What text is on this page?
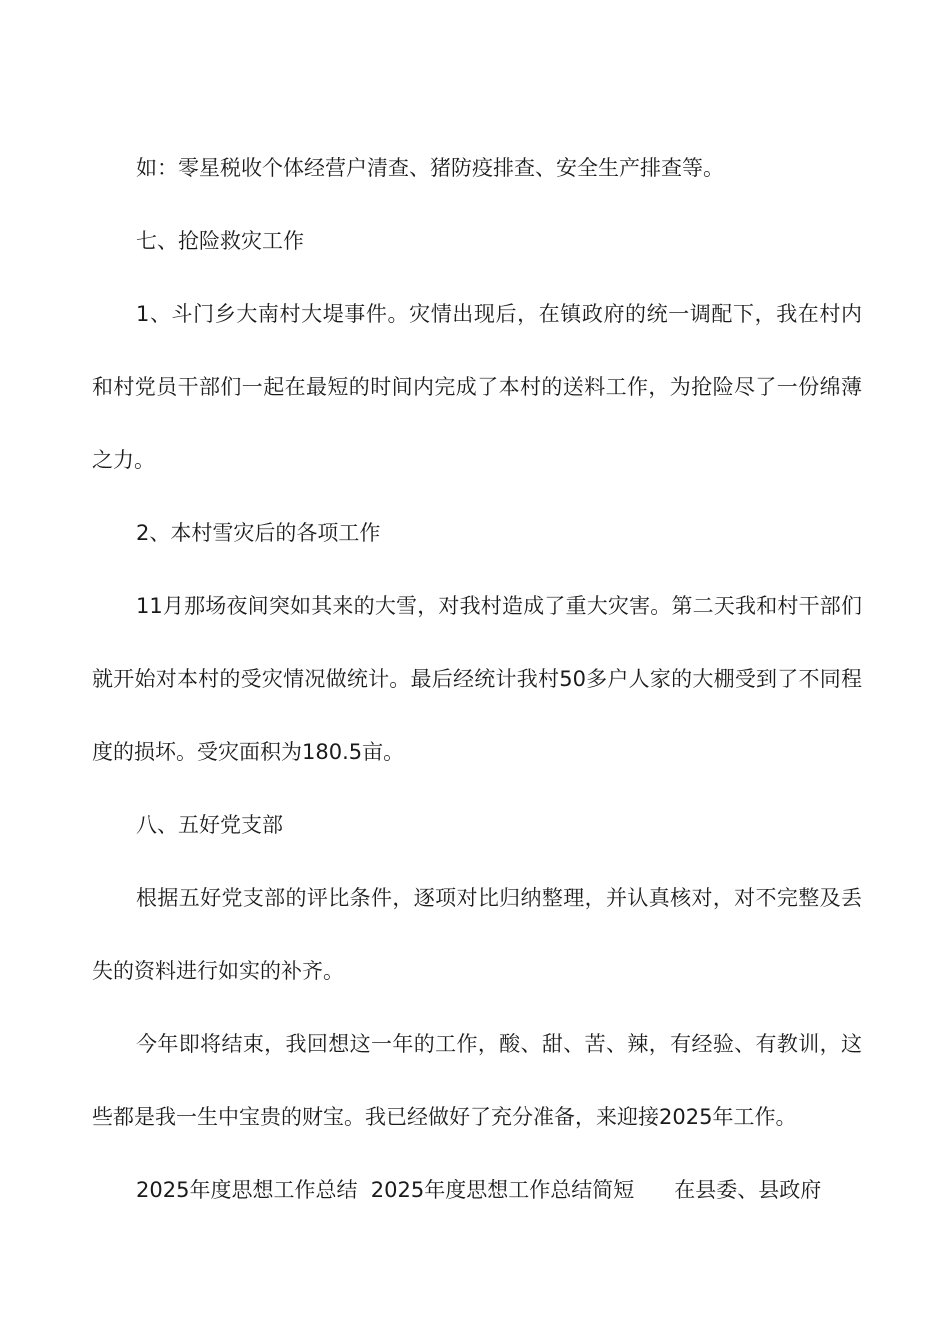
如：零星税收个体经营户清查、猪防疫排查、安全生产排查等。

七、抢险救灾工作

1、斗门乡大南村大堤事件。灾情出现后，在镇政府的统一调配下，我在村内和村党员干部们一起在最短的时间内完成了本村的送料工作，为抢险尽了一份绵薄之力。

2、本村雪灾后的各项工作

11月那场夜间突如其来的大雪，对我村造成了重大灾害。第二天我和村干部们就开始对本村的受灾情况做统计。最后经统计我村50多户人家的大棚受到了不同程度的损坏。受灾面积为180.5亩。

八、五好党支部

根据五好党支部的评比条件，逐项对比归纳整理，并认真核对，对不完整及丢失的资料进行如实的补齐。

今年即将结束，我回想这一年的工作，酸、甜、苦、辣，有经验、有教训，这些都是我一生中宝贵的财宝。我已经做好了充分准备，来迎接2025年工作。

2025年度思想工作总结  2025年度思想工作总结简短      在县委、县政府
